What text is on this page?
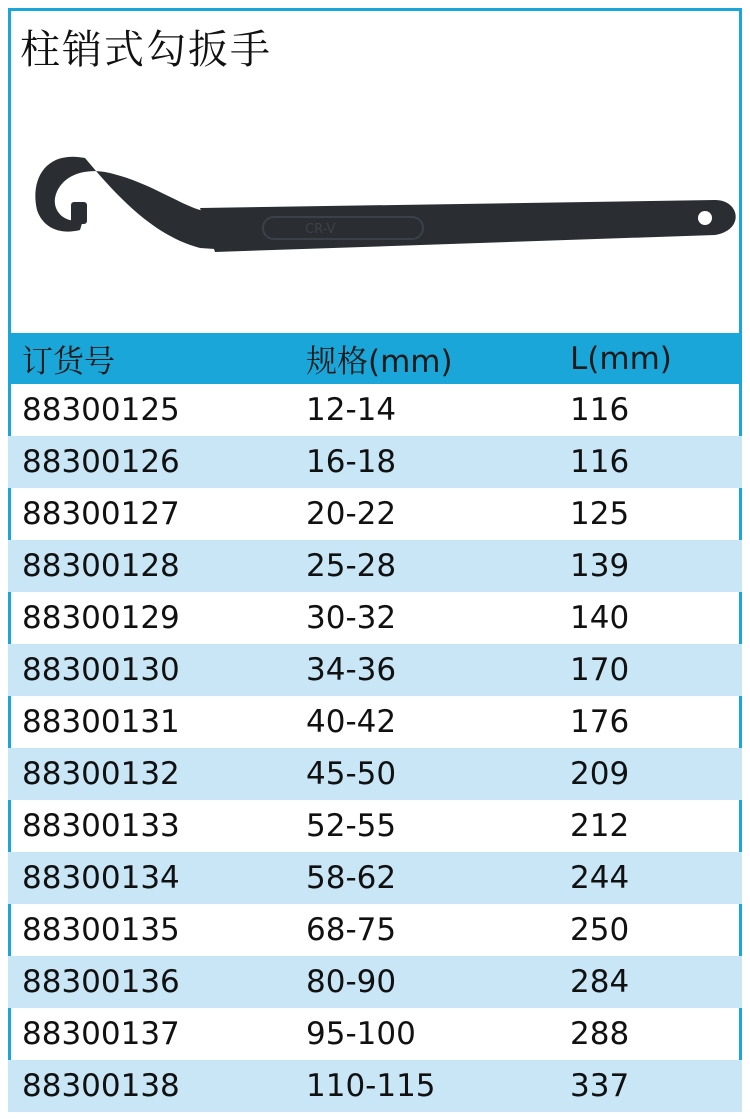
柱销式勾扳手
CR-V
订货号	规格(mm)	L(mm)
88300125	12-14	116
88300126	16-18	116
88300127	20-22	125
88300128	25-28	139
88300129	30-32	140
88300130	34-36	170
88300131	40-42	176
88300132	45-50	209
88300133	52-55	212
88300134	58-62	244
88300135	68-75	250
88300136	80-90	284
88300137	95-100	288
88300138	110-115	337
